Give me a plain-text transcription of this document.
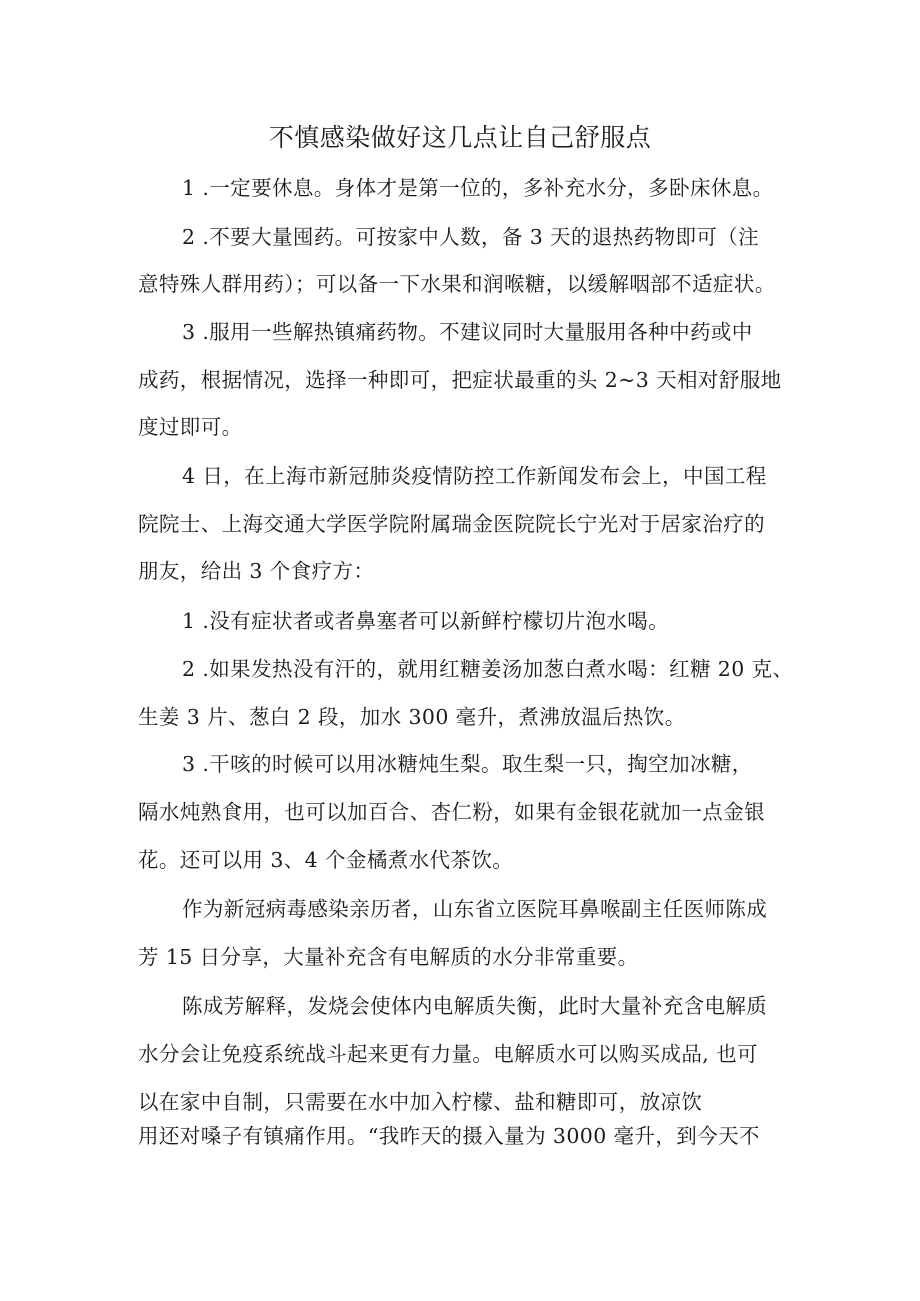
不慎感染做好这几点让自己舒服点
1 .一定要休息。身体才是第一位的，多补充水分，多卧床休息。
2 .不要大量囤药。可按家中人数，备 3 天的退热药物即可（注
意特殊人群用药）；可以备一下水果和润喉糖，以缓解咽部不适症状。
3 .服用一些解热镇痛药物。不建议同时大量服用各种中药或中
成药，根据情况，选择一种即可，把症状最重的头 2~3 天相对舒服地
度过即可。
4 日，在上海市新冠肺炎疫情防控工作新闻发布会上，中国工程
院院士、上海交通大学医学院附属瑞金医院院长宁光对于居家治疗的
朋友，给出 3 个食疗方：
1 .没有症状者或者鼻塞者可以新鲜柠檬切片泡水喝。
2 .如果发热没有汗的，就用红糖姜汤加葱白煮水喝：红糖 20 克、
生姜 3 片、葱白 2 段，加水 300 毫升，煮沸放温后热饮。
3 .干咳的时候可以用冰糖炖生梨。取生梨一只，掏空加冰糖，
隔水炖熟食用，也可以加百合、杏仁粉，如果有金银花就加一点金银
花。还可以用 3、4 个金橘煮水代茶饮。
作为新冠病毒感染亲历者，山东省立医院耳鼻喉副主任医师陈成
芳 15 日分享，大量补充含有电解质的水分非常重要。
陈成芳解释，发烧会使体内电解质失衡，此时大量补充含电解质
水分会让免疫系统战斗起来更有力量。电解质水可以购买成品, 也可
以在家中自制，只需要在水中加入柠檬、盐和糖即可，放凉饮
用还对嗓子有镇痛作用。“我昨天的摄入量为 3000 毫升，到今天不
